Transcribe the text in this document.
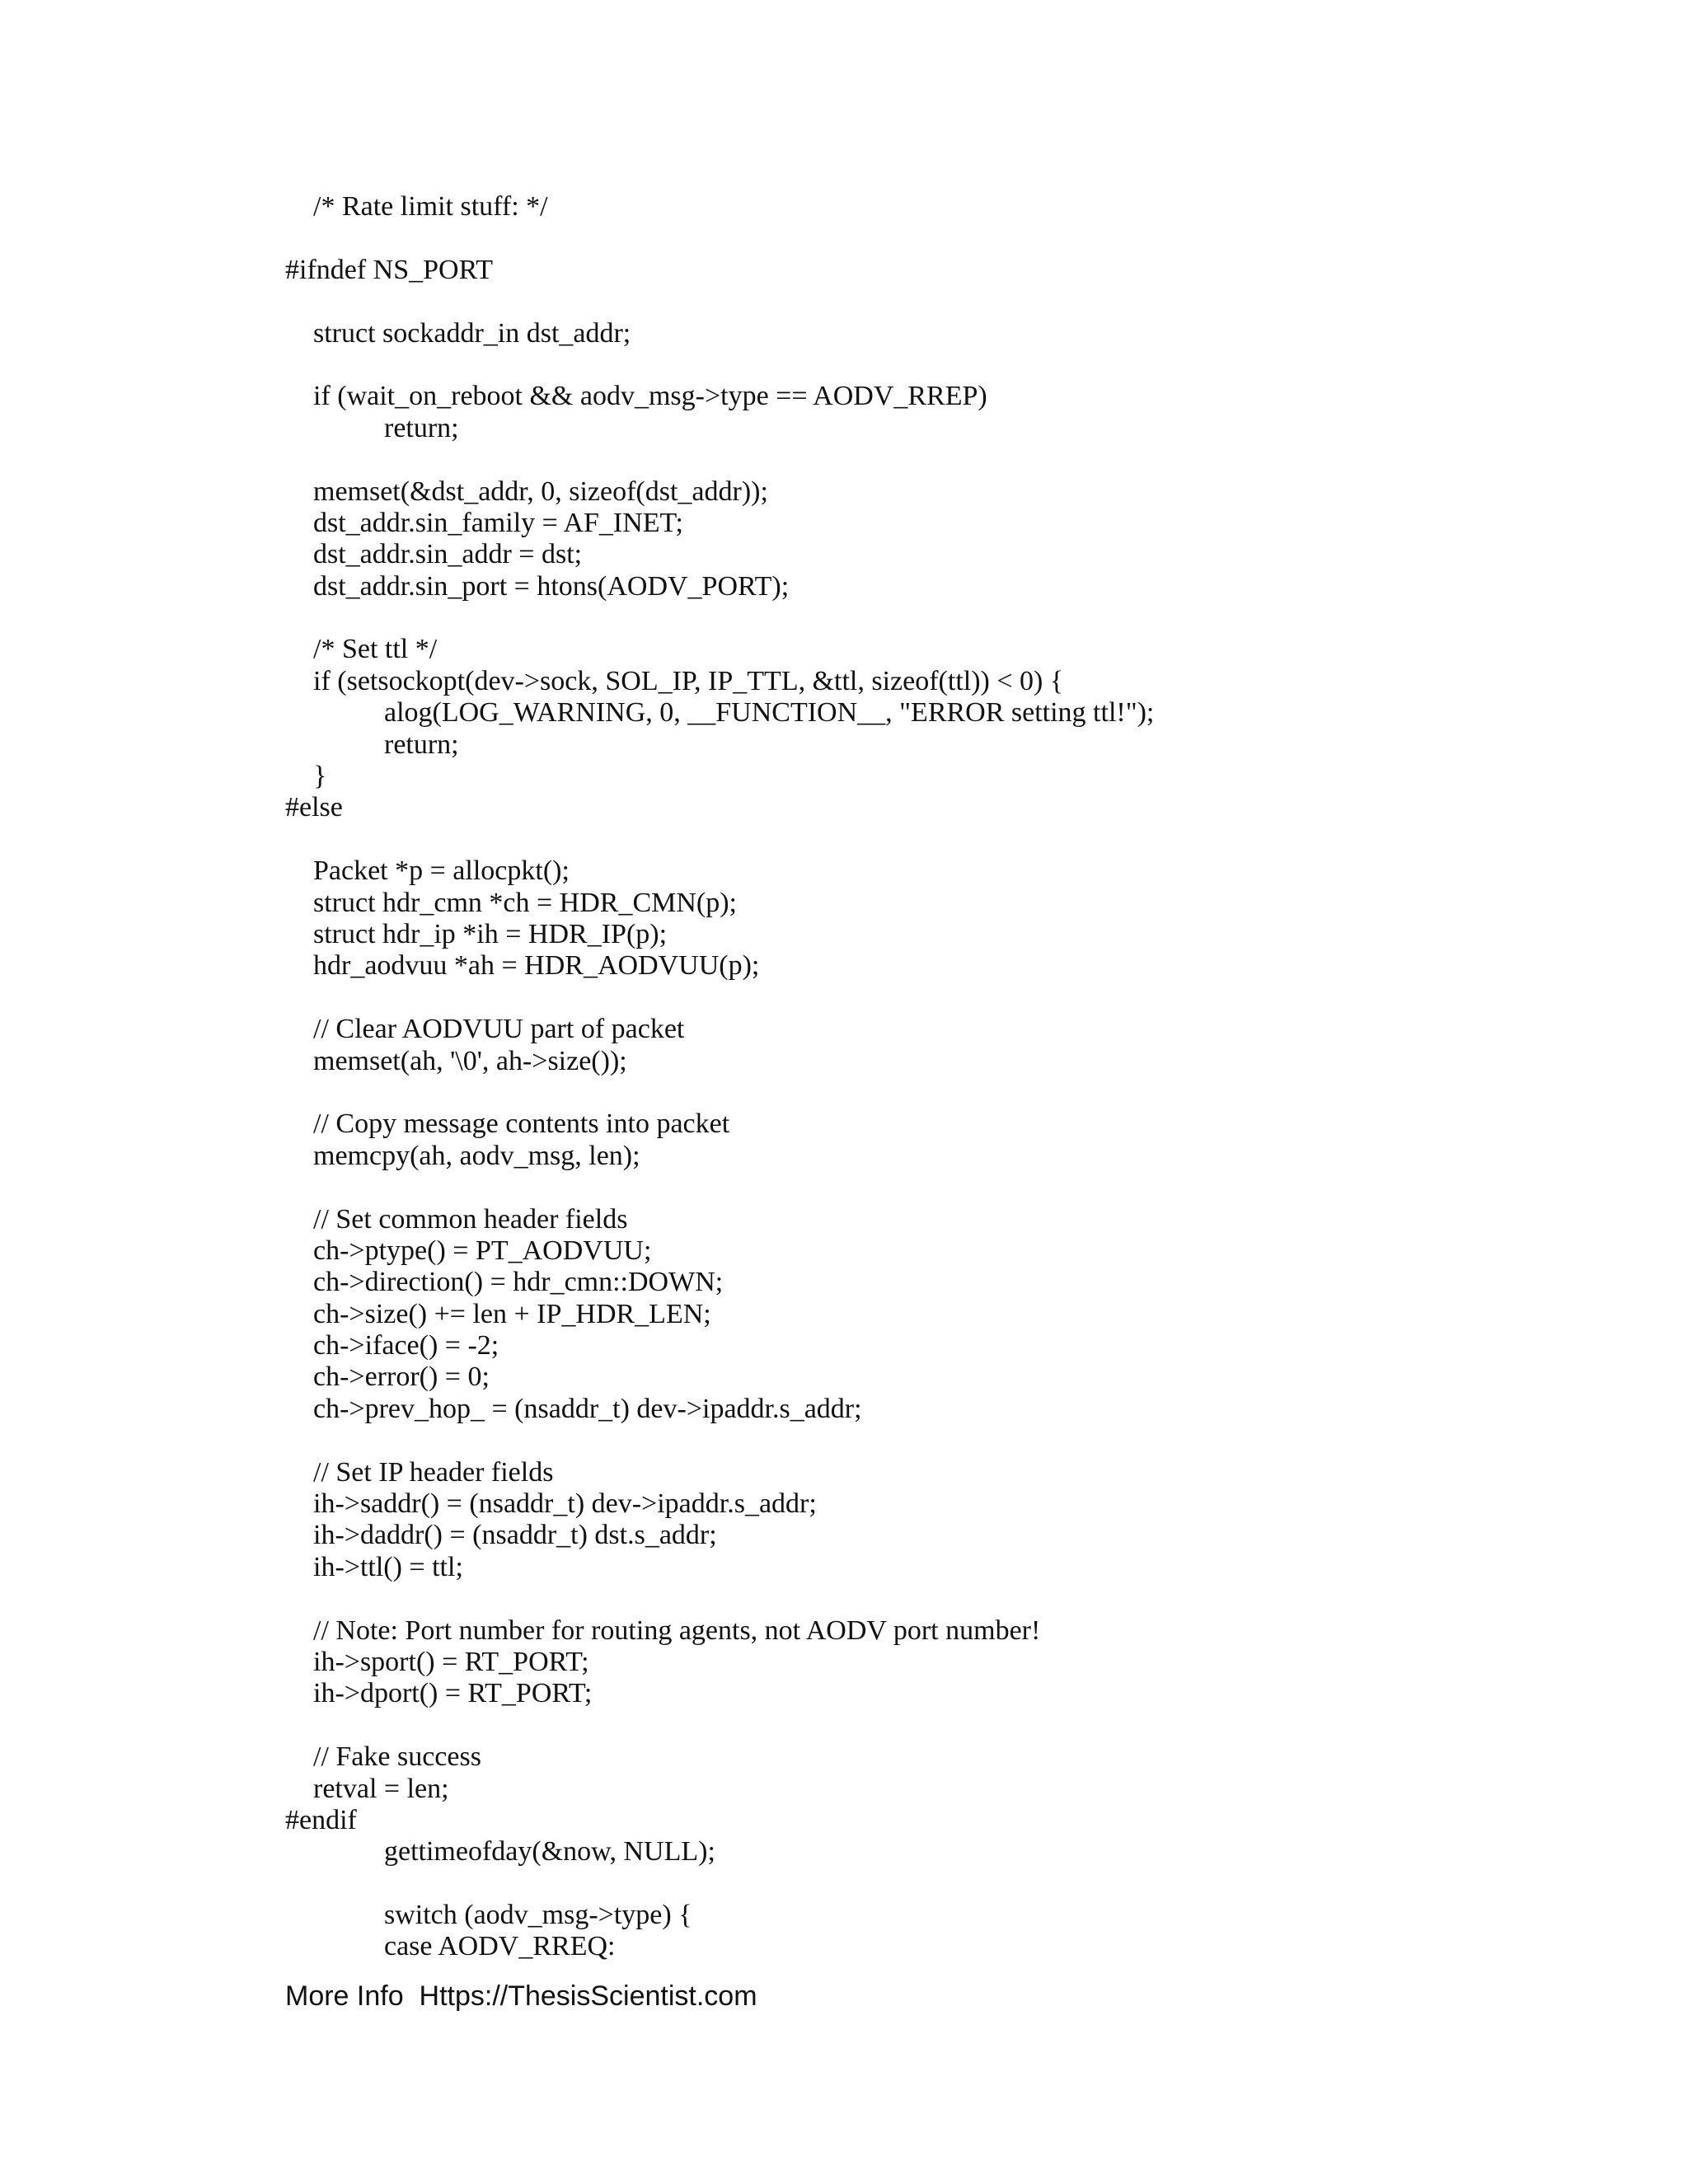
/* Rate limit stuff: */
#ifndef NS_PORT
struct sockaddr_in dst_addr;
if (wait_on_reboot && aodv_msg->type == AODV_RREP)
return;
memset(&dst_addr, 0, sizeof(dst_addr));
dst_addr.sin_family = AF_INET;
dst_addr.sin_addr = dst;
dst_addr.sin_port = htons(AODV_PORT);
/* Set ttl */
if (setsockopt(dev->sock, SOL_IP, IP_TTL, &ttl, sizeof(ttl)) < 0) {
alog(LOG_WARNING, 0, __FUNCTION__, "ERROR setting ttl!");
return;
}
#else
Packet *p = allocpkt();
struct hdr_cmn *ch = HDR_CMN(p);
struct hdr_ip *ih = HDR_IP(p);
hdr_aodvuu *ah = HDR_AODVUU(p);
// Clear AODVUU part of packet
memset(ah, '\0', ah->size());
// Copy message contents into packet
memcpy(ah, aodv_msg, len);
// Set common header fields
ch->ptype() = PT_AODVUU;
ch->direction() = hdr_cmn::DOWN;
ch->size() += len + IP_HDR_LEN;
ch->iface() = -2;
ch->error() = 0;
ch->prev_hop_ = (nsaddr_t) dev->ipaddr.s_addr;
// Set IP header fields
ih->saddr() = (nsaddr_t) dev->ipaddr.s_addr;
ih->daddr() = (nsaddr_t) dst.s_addr;
ih->ttl() = ttl;
// Note: Port number for routing agents, not AODV port number!
ih->sport() = RT_PORT;
ih->dport() = RT_PORT;
// Fake success
retval = len;
#endif
gettimeofday(&now, NULL);
switch (aodv_msg->type) {
case AODV_RREQ:
More Info  Https://ThesisScientist.com
